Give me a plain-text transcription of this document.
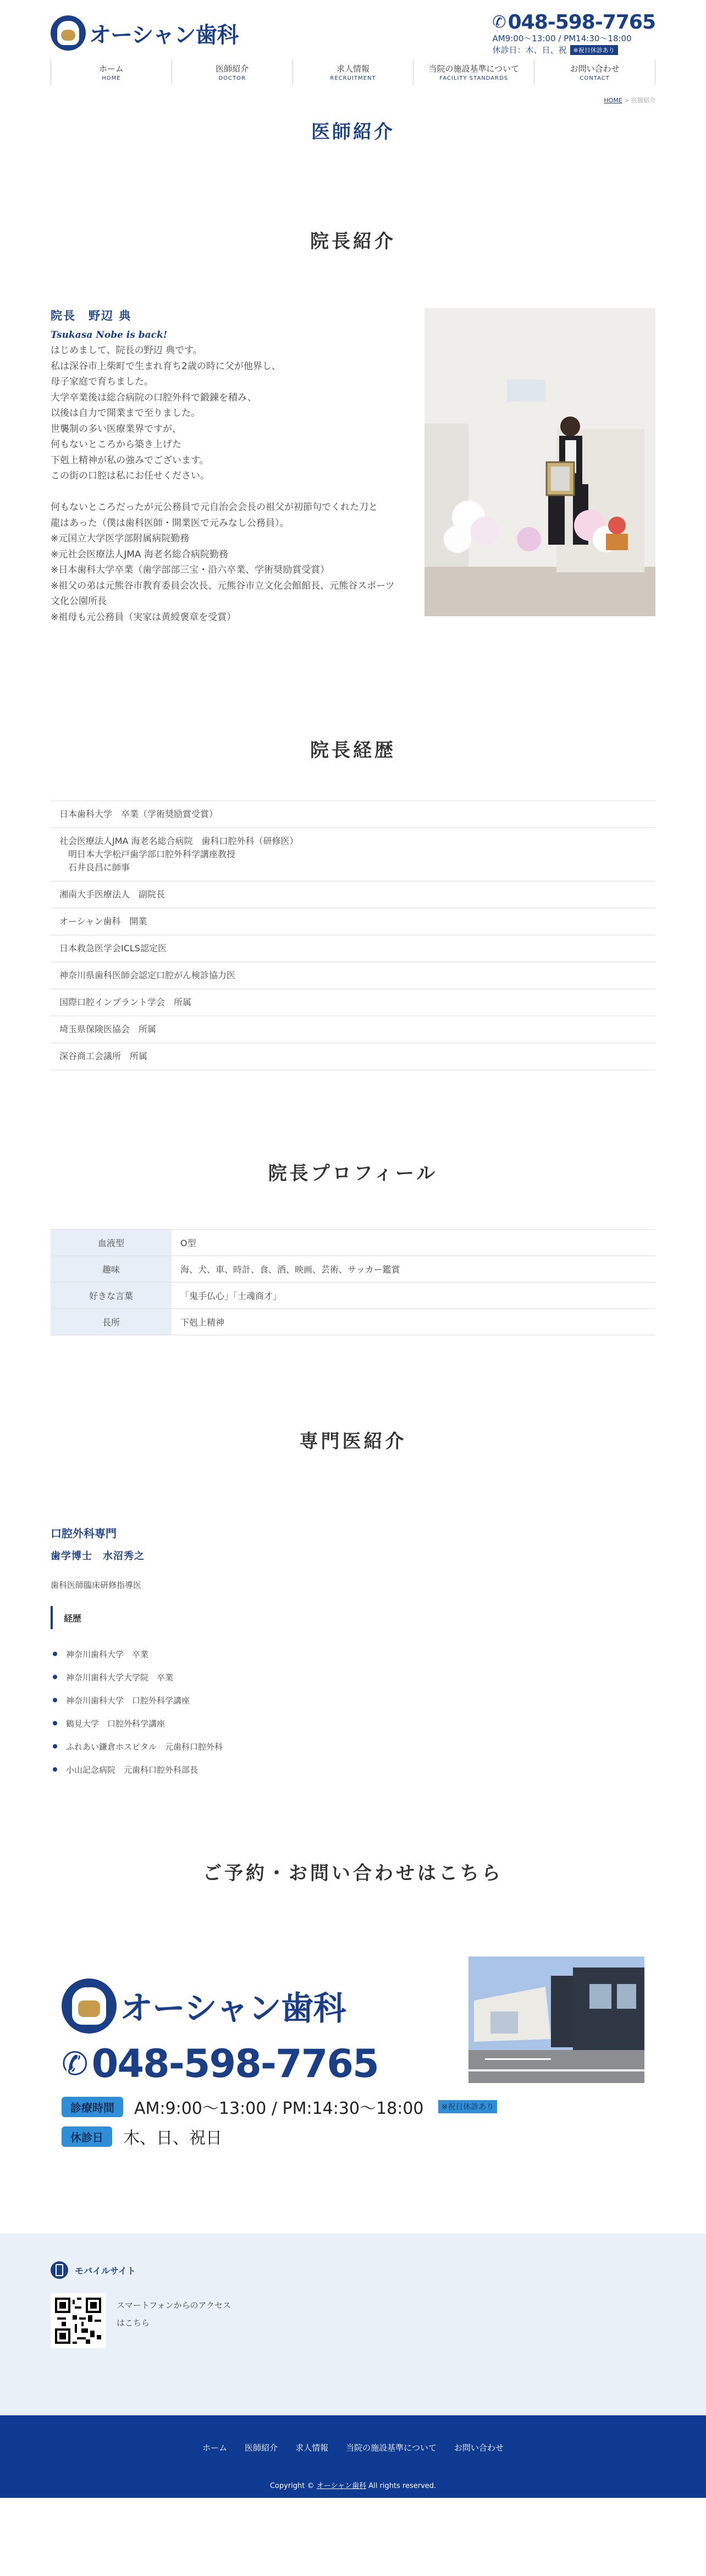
オーシャン歯科	✆ 048-598-7765
AM9:00～13:00 / PM14:30～18:00
休診日：木、日、祝	※祝日休診あり
ホーム
HOME
医師紹介
DOCTOR
求人情報
RECRUITMENT
当院の施設基準について
FACILITY STANDARDS
お問い合わせ
CONTACT
HOME > 医師紹介
医師紹介
院長紹介
院長　野辺 典
Tsukasa Nobe is back!
はじめまして、院長の野辺 典です。
私は深谷市上柴町で生まれ育ち2歳の時に父が他界し、
母子家庭で育ちました。
大学卒業後は総合病院の口腔外科で鍛錬を積み、
以後は自力で開業まで至りました。
世襲制の多い医療業界ですが、
何もないところから築き上げた
下剋上精神が私の強みでございます。
この街の口腔は私にお任せください。
何もないところだったが元公務員で元自治会会長の祖父が初節句でくれた刀と
龍はあった（僕は歯科医師・開業医で元みなし公務員）。
※元国立大学医学部附属病院勤務
※元社会医療法人JMA 海老名総合病院勤務
※日本歯科大学卒業（歯学部部三宝・沿六卒業、学術奨励賞受賞）
※祖父の弟は元熊谷市教育委員会次長、元熊谷市立文化会館館長、元熊谷スポーツ文化公園所長
※祖母も元公務員（実家は黄綬褒章を受賞）
院長経歴
日本歯科大学　卒業（学術奨励賞受賞）
社会医療法人JMA 海老名総合病院　歯科口腔外科（研修医）
　明日本大学松戸歯学部口腔外科学講座教授
　石井良昌に師事
湘南大手医療法人　副院長
オーシャン歯科　開業
日本救急医学会ICLS認定医
神奈川県歯科医師会認定口腔がん検診協力医
国際口腔インプラント学会　所属
埼玉県保険医協会　所属
深谷商工会議所　所属
院長プロフィール
血液型	O型
趣味	海、犬、車、時計、食、酒、映画、芸術、サッカー鑑賞
好きな言葉	「鬼手仏心」「士魂商才」
長所	下剋上精神
専門医紹介
口腔外科専門
歯学博士　水沼秀之
歯科医師臨床研修指導医
経歴
神奈川歯科大学　卒業
神奈川歯科大学大学院　卒業
神奈川歯科大学　口腔外科学講座
鶴見大学　口腔外科学講座
ふれあい鎌倉ホスピタル　元歯科口腔外科
小山記念病院　元歯科口腔外科部長
ご予約・お問い合わせはこちら
オーシャン歯科
✆ 048-598-7765
診療時間	AM:9:00～13:00 / PM:14:30～18:00	※祝日休診あり
休診日	木、日、祝日
モバイルサイト
スマートフォンからのアクセスはこちら
ホーム 医師紹介 求人情報 当院の施設基準について お問い合わせ
Copyright © オーシャン歯科 All rights reserved.
